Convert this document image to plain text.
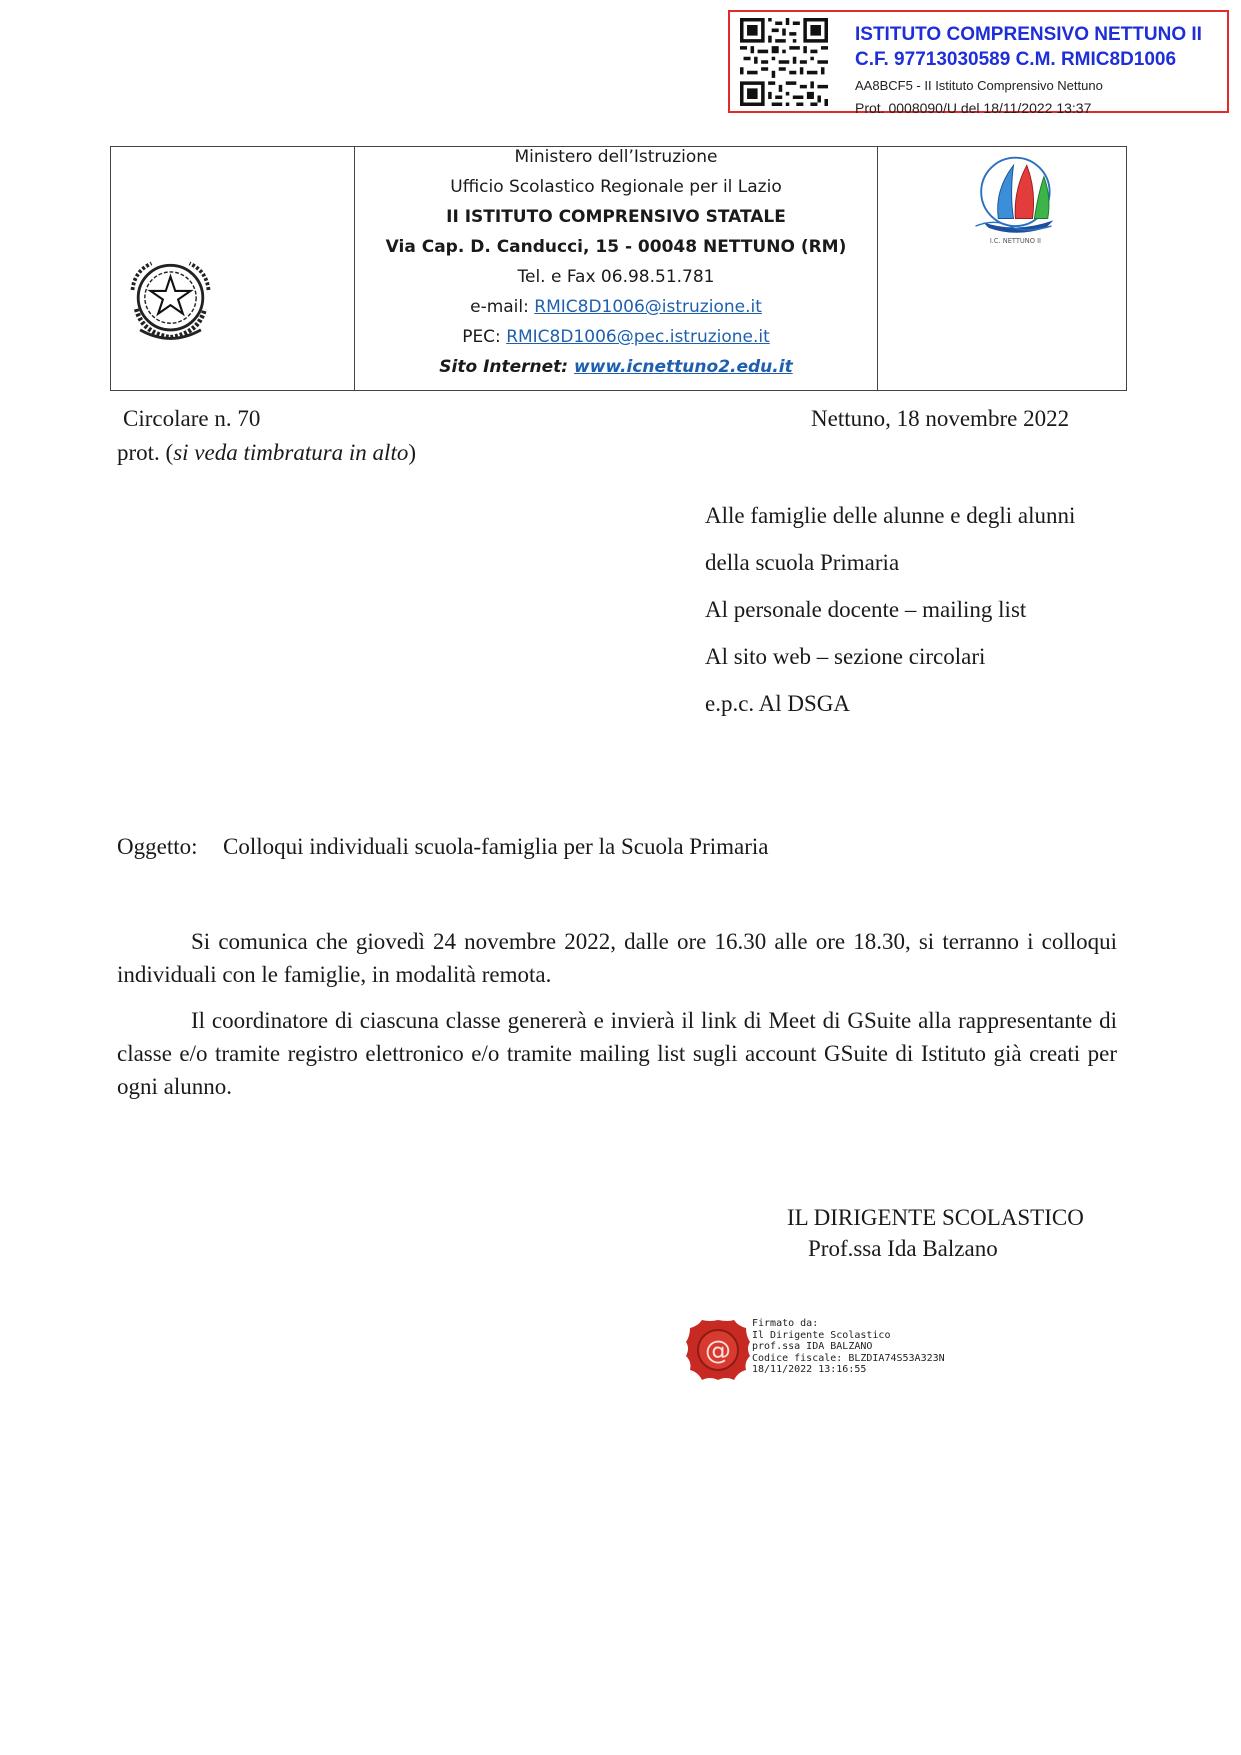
ISTITUTO COMPRENSIVO NETTUNO II
C.F. 97713030589 C.M. RMIC8D1006
AA8BCF5 - II Istituto Comprensivo Nettuno
Prot. 0008090/U del 18/11/2022 13:37
Ministero dell’Istruzione
Ufficio Scolastico Regionale per il Lazio
II ISTITUTO COMPRENSIVO STATALE
Via Cap. D. Canducci, 15 - 00048 NETTUNO (RM)
Tel. e Fax 06.98.51.781
e-mail: RMIC8D1006@istruzione.it
PEC: RMIC8D1006@pec.istruzione.it
Sito Internet: www.icnettuno2.edu.it
I.C. NETTUNO II
Circolare n. 70	Nettuno, 18 novembre 2022
prot. (si veda timbratura in alto)
Alle famiglie delle alunne e degli alunni
della scuola Primaria
Al personale docente – mailing list
Al sito web – sezione circolari
e.p.c. Al DSGA
Oggetto: Colloqui individuali scuola-famiglia per la Scuola Primaria
Si comunica che giovedì 24 novembre 2022, dalle ore 16.30 alle ore 18.30, si terranno i colloqui individuali con le famiglie, in modalità remota.
Il coordinatore di ciascuna classe genererà e invierà il link di Meet di GSuite alla rappresentante di classe e/o tramite registro elettronico e/o tramite mailing list sugli account GSuite di Istituto già creati per ogni alunno.
IL DIRIGENTE SCOLASTICO
Prof.ssa Ida Balzano
@
Firmato da:
Il Dirigente Scolastico
prof.ssa IDA BALZANO
Codice fiscale: BLZDIA74S53A323N
18/11/2022 13:16:55
